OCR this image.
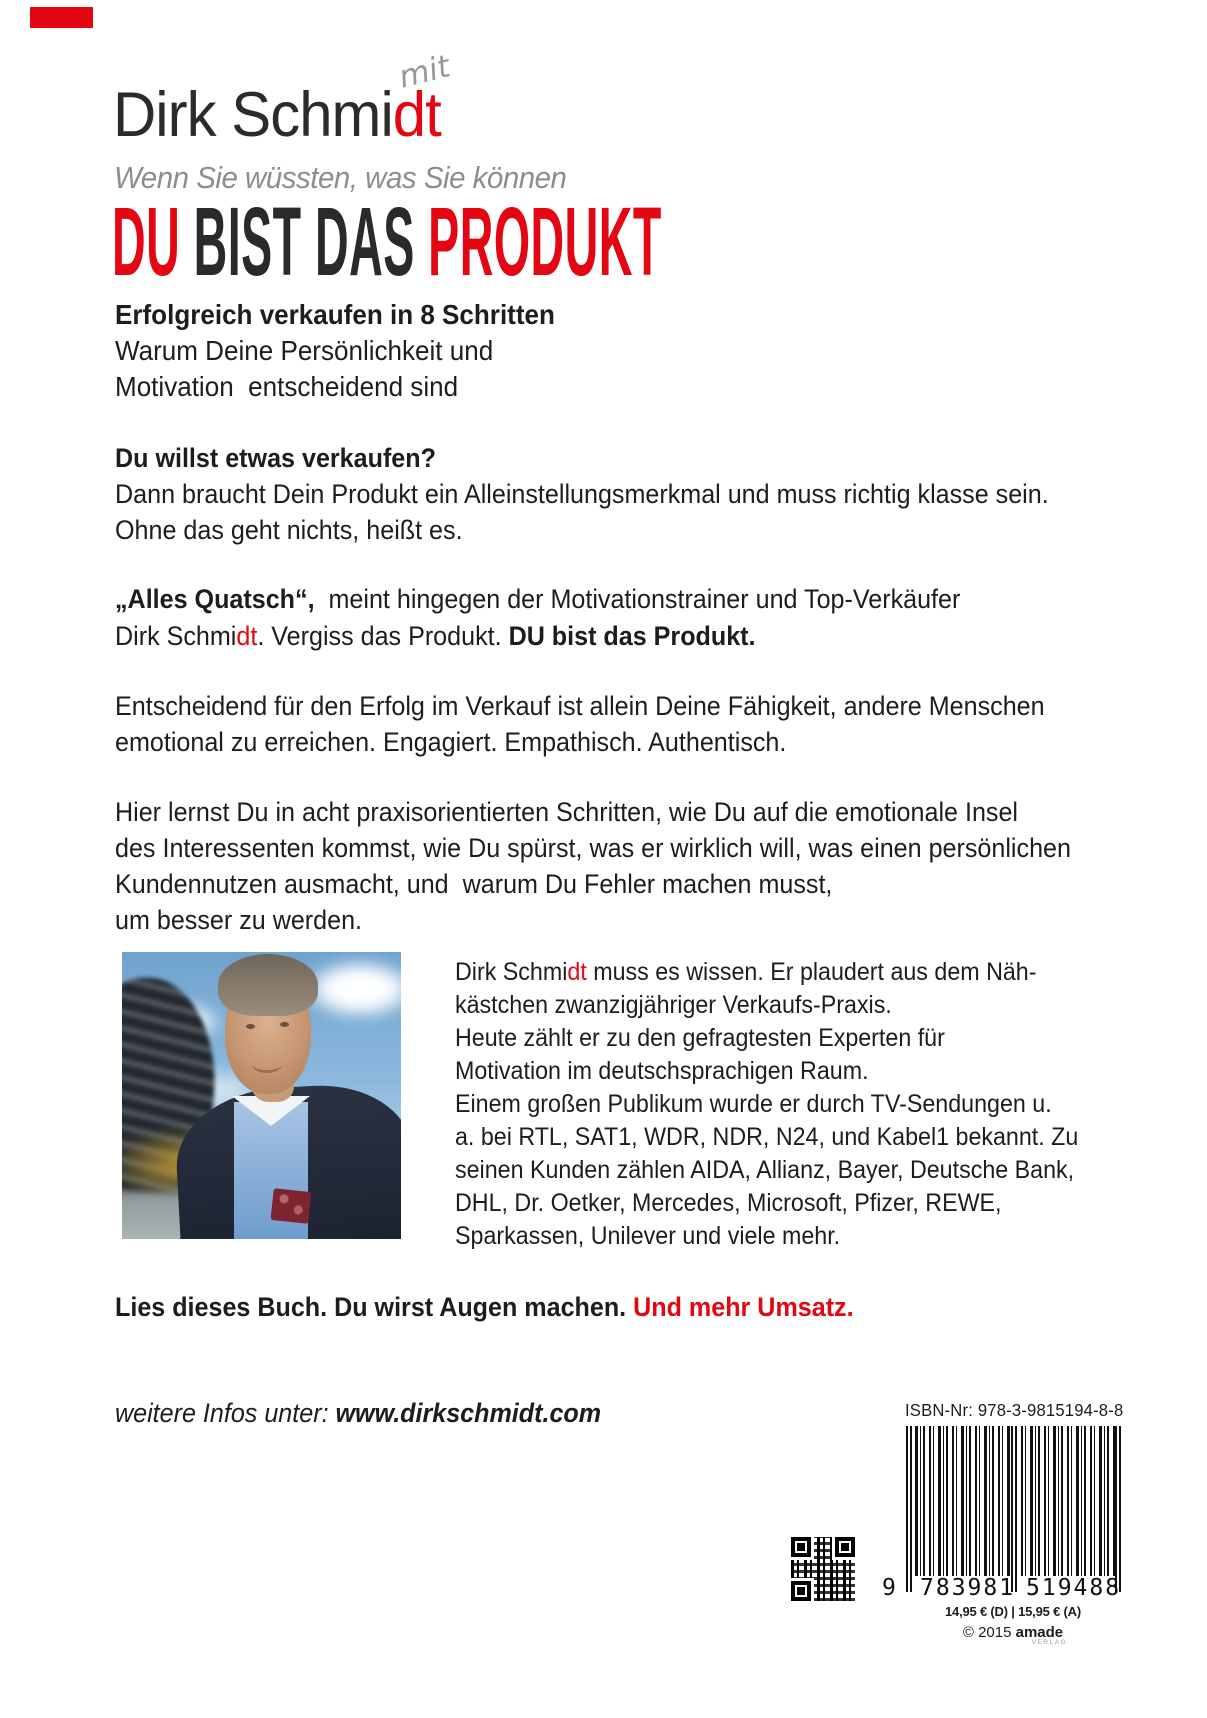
Dirk Schmidt
mit
Wenn Sie wüssten, was Sie können
DU BIST DAS PRODUKT
Erfolgreich verkaufen in 8 Schritten
Warum Deine Persönlichkeit und
Motivation  entscheidend sind
Du willst etwas verkaufen?
Dann braucht Dein Produkt ein Alleinstellungsmerkmal und muss richtig klasse sein.
Ohne das geht nichts, heißt es.
„Alles Quatsch“,  meint hingegen der Motivationstrainer und Top-Verkäufer
Dirk Schmidt. Vergiss das Produkt. DU bist das Produkt.
Entscheidend für den Erfolg im Verkauf ist allein Deine Fähigkeit, andere Menschen
emotional zu erreichen. Engagiert. Empathisch. Authentisch.
Hier lernst Du in acht praxisorientierten Schritten, wie Du auf die emotionale Insel
des Interessenten kommst, wie Du spürst, was er wirklich will, was einen persönlichen
Kundennutzen ausmacht, und  warum Du Fehler machen musst,
um besser zu werden.
Dirk Schmidt muss es wissen. Er plaudert aus dem Näh-
kästchen zwanzigjähriger Verkaufs-Praxis.
Heute zählt er zu den gefragtesten Experten für
Motivation im deutschsprachigen Raum.
Einem großen Publikum wurde er durch TV-Sendungen u.
a. bei RTL, SAT1, WDR, NDR, N24, und Kabel1 bekannt. Zu
seinen Kunden zählen AIDA, Allianz, Bayer, Deutsche Bank,
DHL, Dr. Oetker, Mercedes, Microsoft, Pfizer, REWE,
Sparkassen, Unilever und viele mehr.
Lies dieses Buch. Du wirst Augen machen. Und mehr Umsatz.
weitere Infos unter: www.dirkschmidt.com	ISBN-Nr: 978-3-9815194-8-8
9 783981 519488
14,95 € (D) | 15,95 € (A)
© 2015 amade
VERLAG
